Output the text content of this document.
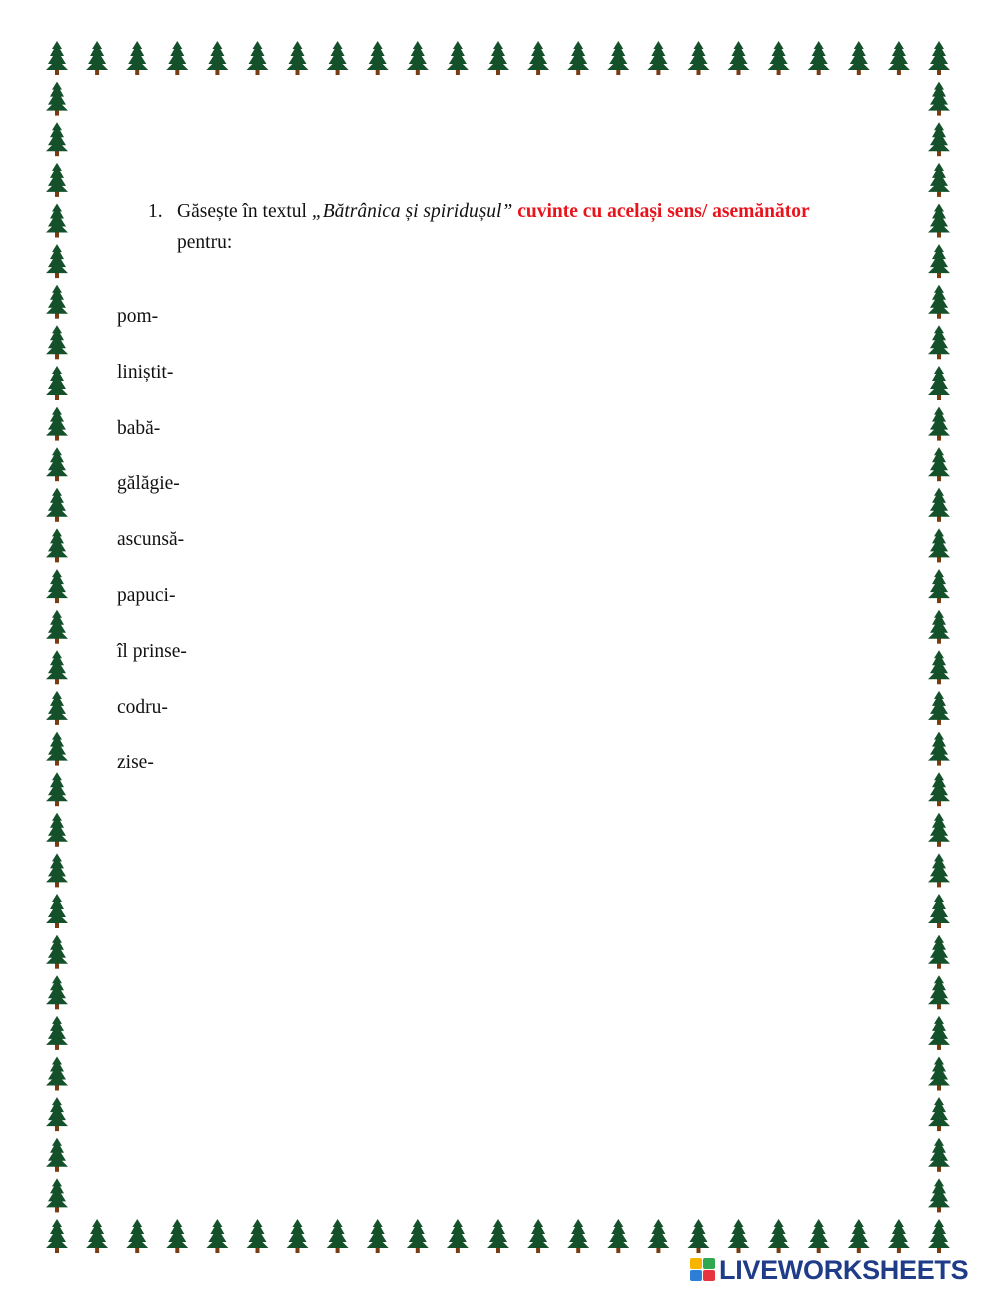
1. Găsește în textul „Bătrânica și spiridușul” cuvinte cu același sens/ asemănător pentru:
pom-
liniștit-
babă-
gălăgie-
ascunsă-
papuci-
îl prinse-
codru-
zise-
LIVEWORKSHEETS
